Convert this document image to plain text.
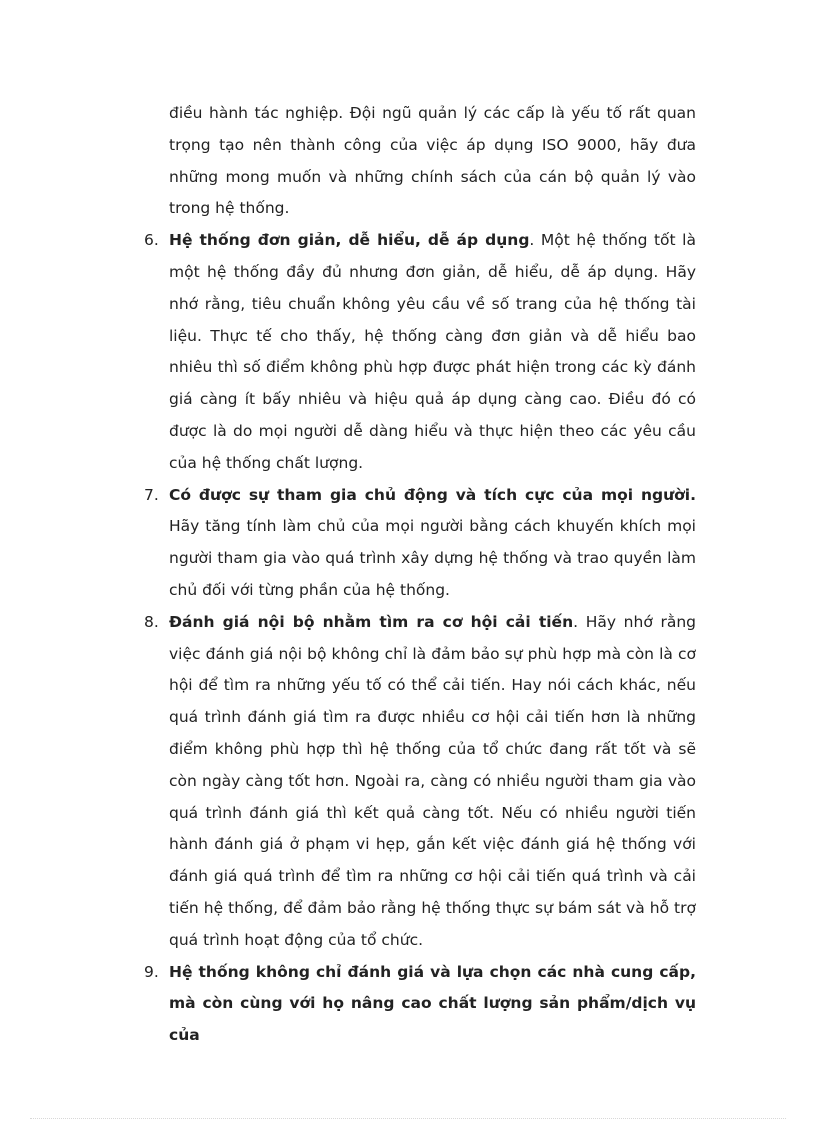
điều hành tác nghiệp. Đội ngũ quản lý các cấp là yếu tố rất quan trọng tạo nên thành công của việc áp dụng ISO 9000, hãy đưa những mong muốn và những chính sách của cán bộ quản lý vào trong hệ thống.

6. Hệ thống đơn giản, dễ hiểu, dễ áp dụng. Một hệ thống tốt là một hệ thống đầy đủ nhưng đơn giản, dễ hiểu, dễ áp dụng. Hãy nhớ rằng, tiêu chuẩn không yêu cầu về số trang của hệ thống tài liệu. Thực tế cho thấy, hệ thống càng đơn giản và dễ hiểu bao nhiêu thì số điểm không phù hợp được phát hiện trong các kỳ đánh giá càng ít bấy nhiêu và hiệu quả áp dụng càng cao. Điều đó có được là do mọi người dễ dàng hiểu và thực hiện theo các yêu cầu của hệ thống chất lượng.
7. Có được sự tham gia chủ động và tích cực của mọi người. Hãy tăng tính làm chủ của mọi người bằng cách khuyến khích mọi người tham gia vào quá trình xây dựng hệ thống và trao quyền làm chủ đối với từng phần của hệ thống.
8. Đánh giá nội bộ nhằm tìm ra cơ hội cải tiến. Hãy nhớ rằng việc đánh giá nội bộ không chỉ là đảm bảo sự phù hợp mà còn là cơ hội để tìm ra những yếu tố có thể cải tiến. Hay nói cách khác, nếu quá trình đánh giá tìm ra được nhiều cơ hội cải tiến hơn là những điểm không phù hợp thì hệ thống của tổ chức đang rất tốt và sẽ còn ngày càng tốt hơn. Ngoài ra, càng có nhiều người tham gia vào quá trình đánh giá thì kết quả càng tốt. Nếu có nhiều người tiến hành đánh giá ở phạm vi hẹp, gắn kết việc đánh giá hệ thống với đánh giá quá trình để tìm ra những cơ hội cải tiến quá trình và cải tiến hệ thống, để đảm bảo rằng hệ thống thực sự bám sát và hỗ trợ quá trình hoạt động của tổ chức.
9. Hệ thống không chỉ đánh giá và lựa chọn các nhà cung cấp, mà còn cùng với họ nâng cao chất lượng sản phẩm/dịch vụ của
